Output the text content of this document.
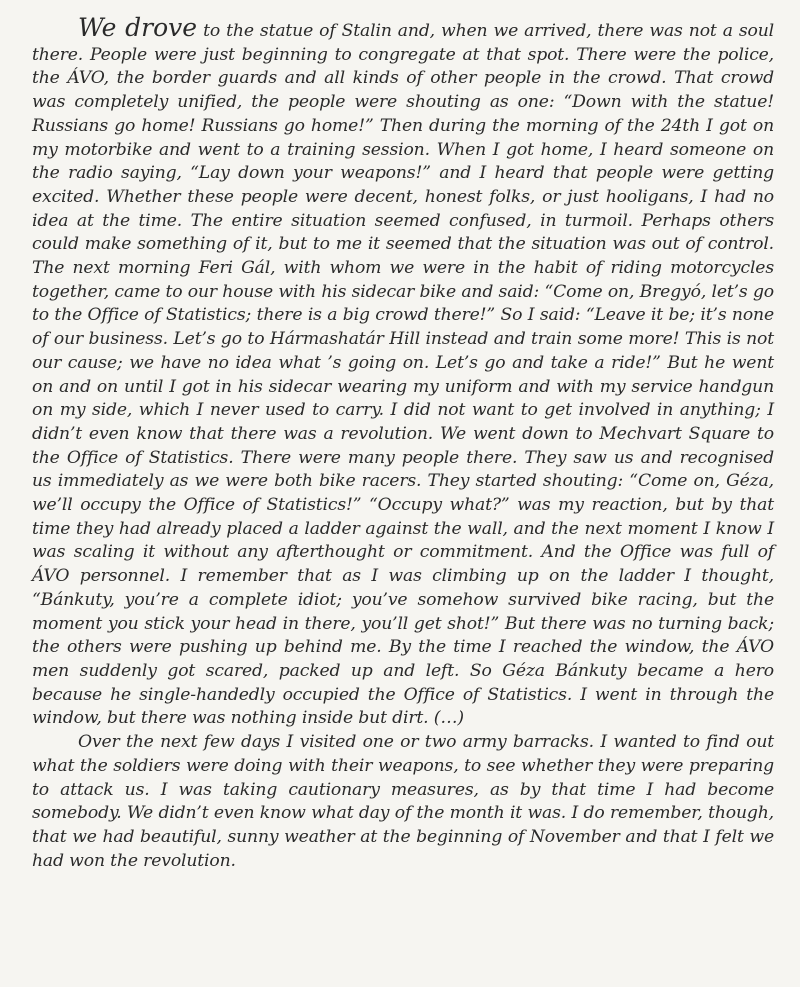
We drove to the statue of Stalin and, when we arrived, there was not a soul there. People were just beginning to congregate at that spot. There were the police, the ÁVO, the border guards and all kinds of other people in the crowd. That crowd was completely unified, the people were shouting as one: “Down with the statue! Russians go home! Russians go home!” Then during the morning of the 24th I got on my motorbike and went to a training session. When I got home, I heard someone on the radio saying, “Lay down your weapons!” and I heard that people were getting excited. Whether these people were decent, honest folks, or just hooligans, I had no idea at the time. The entire situation seemed confused, in turmoil. Perhaps others could make something of it, but to me it seemed that the situation was out of control. The next morning Feri Gál, with whom we were in the habit of riding motorcycles together, came to our house with his sidecar bike and said: “Come on, Bregyó, let’s go to the Office of Statistics; there is a big crowd there!” So I said: “Leave it be; it’s none of our business. Let’s go to Hármashatár Hill instead and train some more! This is not our cause; we have no idea what ’s going on. Let’s go and take a ride!” But he went on and on until I got in his sidecar wearing my uniform and with my service handgun on my side, which I never used to carry. I did not want to get involved in anything; I didn’t even know that there was a revolution. We went down to Mechvart Square to the Office of Statistics. There were many people there. They saw us and recognised us immediately as we were both bike racers. They started shouting: “Come on, Géza, we’ll occupy the Office of Statistics!” “Occupy what?” was my reaction, but by that time they had already placed a ladder against the wall, and the next moment I know I was scaling it without any afterthought or commitment. And the Office was full of ÁVO personnel. I remember that as I was climbing up on the ladder I thought, “Bánkuty, you’re a complete idiot; you’ve somehow survived bike racing, but the moment you stick your head in there, you’ll get shot!” But there was no turning back; the others were pushing up behind me. By the time I reached the window, the ÁVO men suddenly got scared, packed up and left. So Géza Bánkuty became a hero because he single-handedly occupied the Office of Statistics. I went in through the window, but there was nothing inside but dirt. (…)

Over the next few days I visited one or two army barracks. I wanted to find out what the soldiers were doing with their weapons, to see whether they were preparing to attack us. I was taking cautionary measures, as by that time I had become somebody. We didn’t even know what day of the month it was. I do remember, though, that we had beautiful, sunny weather at the beginning of November and that I felt we had won the revolution.
